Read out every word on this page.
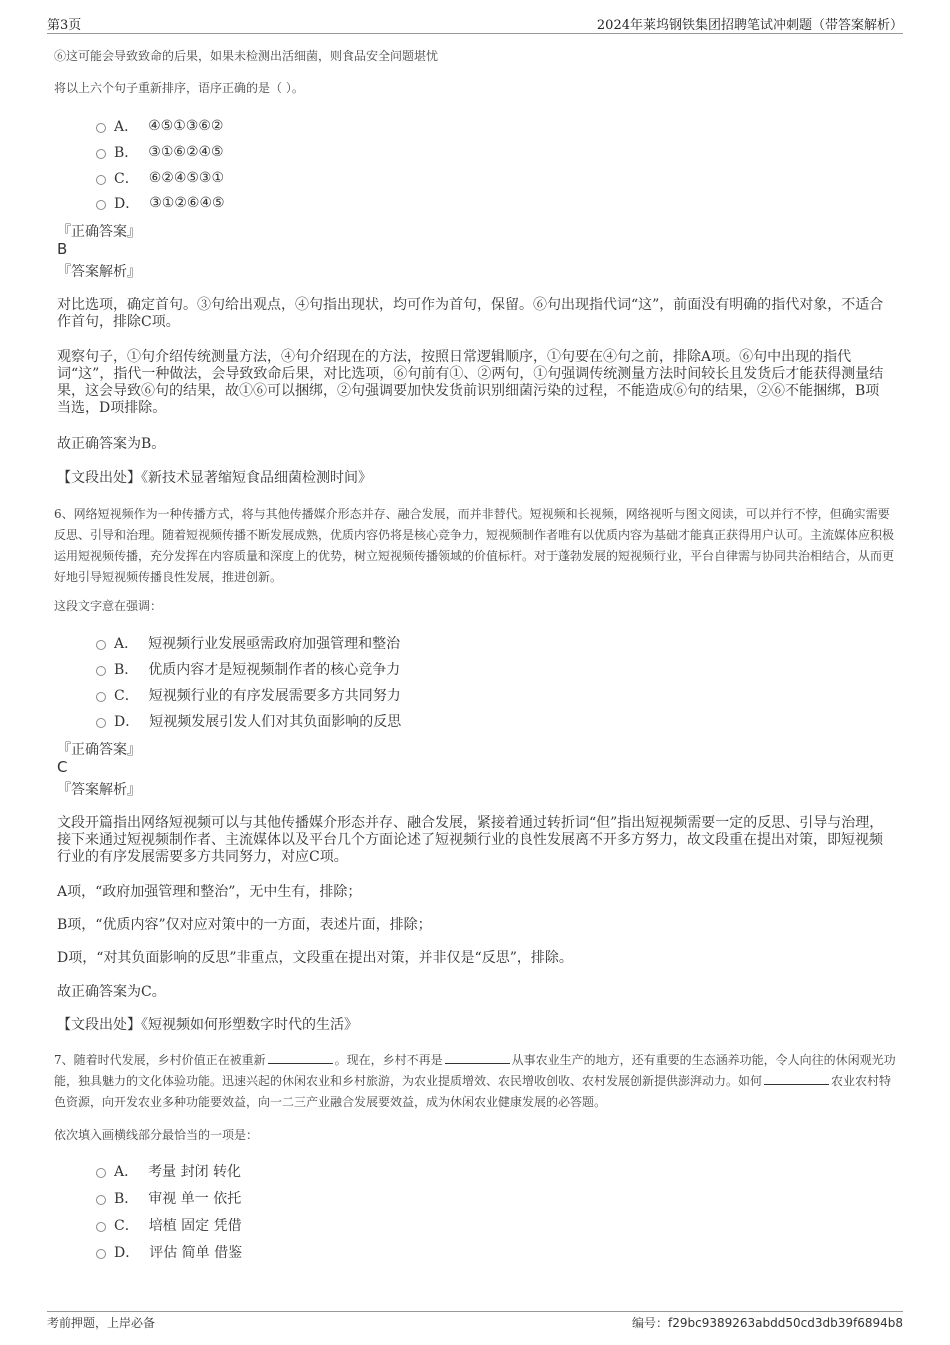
第3页	2024年莱坞钢铁集团招聘笔试冲刺题（带答案解析）
⑥这可能会导致致命的后果，如果未检测出活细菌，则食品安全问题堪忧
将以上六个句子重新排序，语序正确的是（ ）。
A． ④⑤①③⑥②
B． ③①⑥②④⑤
C． ⑥②④⑤③①
D． ③①②⑥④⑤
『正确答案』
B
『答案解析』
对比选项，确定首句。③句给出观点，④句指出现状，均可作为首句，保留。⑥句出现指代词“这”，前面没有明确的指代对象，不适合作首句，排除C项。
观察句子，①句介绍传统测量方法，④句介绍现在的方法，按照日常逻辑顺序，①句要在④句之前，排除A项。⑥句中出现的指代词“这”，指代一种做法，会导致致命后果，对比选项，⑥句前有①、②两句，①句强调传统测量方法时间较长且发货后才能获得测量结果，这会导致⑥句的结果，故①⑥可以捆绑，②句强调要加快发货前识别细菌污染的过程，不能造成⑥句的结果，②⑥不能捆绑，B项当选，D项排除。
故正确答案为B。
【文段出处】《新技术显著缩短食品细菌检测时间》
6、网络短视频作为一种传播方式，将与其他传播媒介形态并存、融合发展，而并非替代。短视频和长视频，网络视听与图文阅读，可以并行不悖，但确实需要反思、引导和治理。随着短视频传播不断发展成熟，优质内容仍将是核心竞争力，短视频制作者唯有以优质内容为基础才能真正获得用户认可。主流媒体应积极运用短视频传播，充分发挥在内容质量和深度上的优势，树立短视频传播领域的价值标杆。对于蓬勃发展的短视频行业，平台自律需与协同共治相结合，从而更好地引导短视频传播良性发展，推进创新。
这段文字意在强调：
A． 短视频行业发展亟需政府加强管理和整治
B． 优质内容才是短视频制作者的核心竞争力
C． 短视频行业的有序发展需要多方共同努力
D． 短视频发展引发人们对其负面影响的反思
『正确答案』
C
『答案解析』
文段开篇指出网络短视频可以与其他传播媒介形态并存、融合发展，紧接着通过转折词“但”指出短视频需要一定的反思、引导与治理，接下来通过短视频制作者、主流媒体以及平台几个方面论述了短视频行业的良性发展离不开多方努力，故文段重在提出对策，即短视频行业的有序发展需要多方共同努力，对应C项。
A项，“政府加强管理和整治”，无中生有，排除；
B项，“优质内容”仅对应对策中的一方面，表述片面，排除；
D项，“对其负面影响的反思”非重点，文段重在提出对策，并非仅是“反思”，排除。
故正确答案为C。
【文段出处】《短视频如何形塑数字时代的生活》
7、随着时代发展，乡村价值正在被重新	。现在，乡村不再是	从事农业生产的地方，还有重要的生态涵养功能，令人向往的休闲观光功能，独具魅力的文化体验功能。迅速兴起的休闲农业和乡村旅游，为农业提质增效、农民增收创收、农村发展创新提供澎湃动力。如何	农业农村特色资源，向开发农业多种功能要效益，向一二三产业融合发展要效益，成为休闲农业健康发展的必答题。
依次填入画横线部分最恰当的一项是：
A． 考量 封闭 转化
B． 审视 单一 依托
C． 培植 固定 凭借
D． 评估 简单 借鉴
考前押题，上岸必备	编号：f29bc9389263abdd50cd3db39f6894b8
